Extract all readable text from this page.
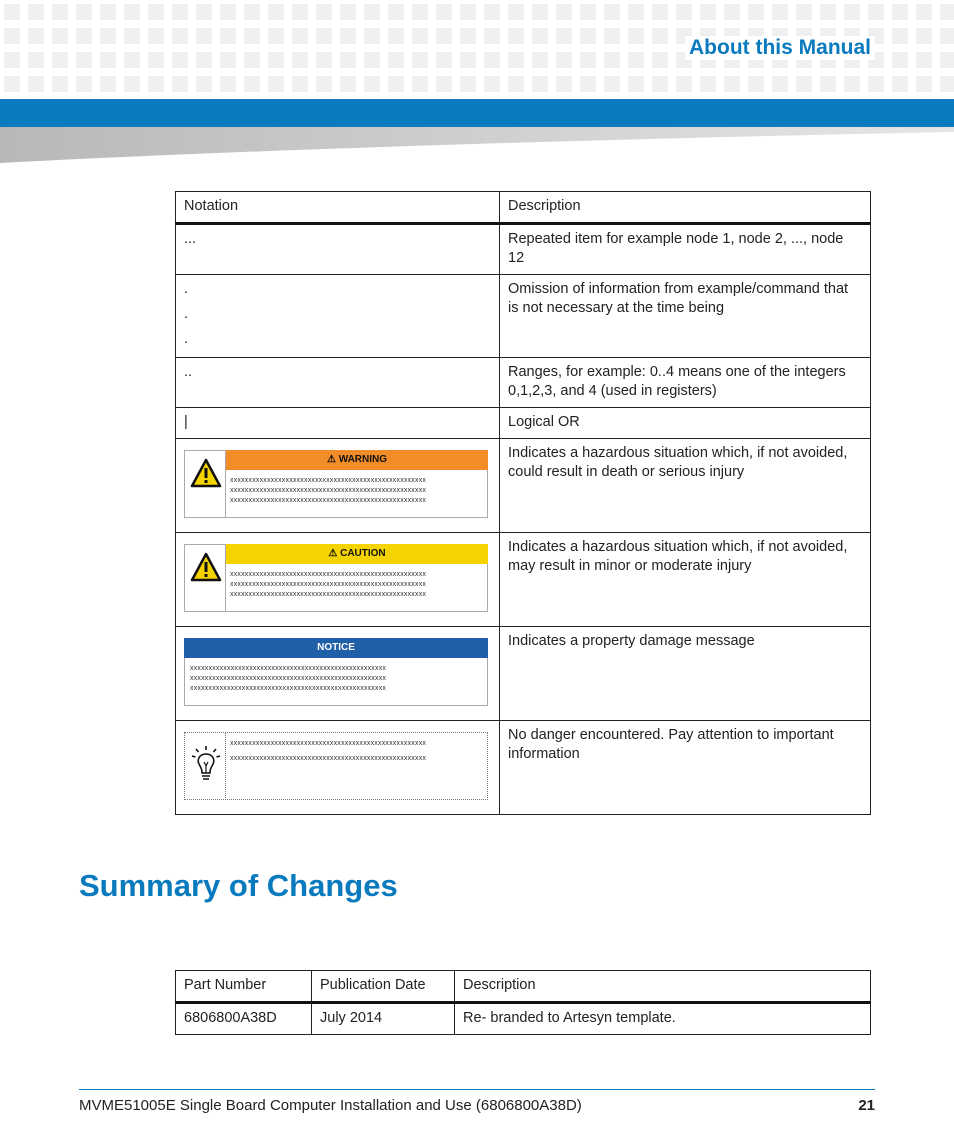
About this Manual
Notation	Description
...	Repeated item for example node 1, node 2, ..., node 12

.
.
.	Omission of information from example/command that is not necessary at the time being
..	Ranges, for example: 0..4 means one of the integers 0,1,2,3, and 4 (used in registers)
|	Logical OR

⚠ WARNING
xxxxxxxxxxxxxxxxxxxxxxxxxxxxxxxxxxxxxxxxxxxxxxxxxxxxx
xxxxxxxxxxxxxxxxxxxxxxxxxxxxxxxxxxxxxxxxxxxxxxxxxxxxx
xxxxxxxxxxxxxxxxxxxxxxxxxxxxxxxxxxxxxxxxxxxxxxxxxxxxx	Indicates a hazardous situation which, if not avoided, could result in death or serious injury

⚠ CAUTION
xxxxxxxxxxxxxxxxxxxxxxxxxxxxxxxxxxxxxxxxxxxxxxxxxxxxx
xxxxxxxxxxxxxxxxxxxxxxxxxxxxxxxxxxxxxxxxxxxxxxxxxxxxx
xxxxxxxxxxxxxxxxxxxxxxxxxxxxxxxxxxxxxxxxxxxxxxxxxxxxx	Indicates a hazardous situation which, if not avoided, may result in minor or moderate injury

NOTICE
xxxxxxxxxxxxxxxxxxxxxxxxxxxxxxxxxxxxxxxxxxxxxxxxxxxxx
xxxxxxxxxxxxxxxxxxxxxxxxxxxxxxxxxxxxxxxxxxxxxxxxxxxxx
xxxxxxxxxxxxxxxxxxxxxxxxxxxxxxxxxxxxxxxxxxxxxxxxxxxxx	Indicates a property damage message

xxxxxxxxxxxxxxxxxxxxxxxxxxxxxxxxxxxxxxxxxxxxxxxxxxxxx
xxxxxxxxxxxxxxxxxxxxxxxxxxxxxxxxxxxxxxxxxxxxxxxxxxxxx	No danger encountered. Pay attention to important information
Summary of Changes
Part Number	Publication Date	Description
6806800A38D	July 2014	Re- branded to Artesyn template.
MVME51005E Single Board Computer Installation and Use (6806800A38D)	21
